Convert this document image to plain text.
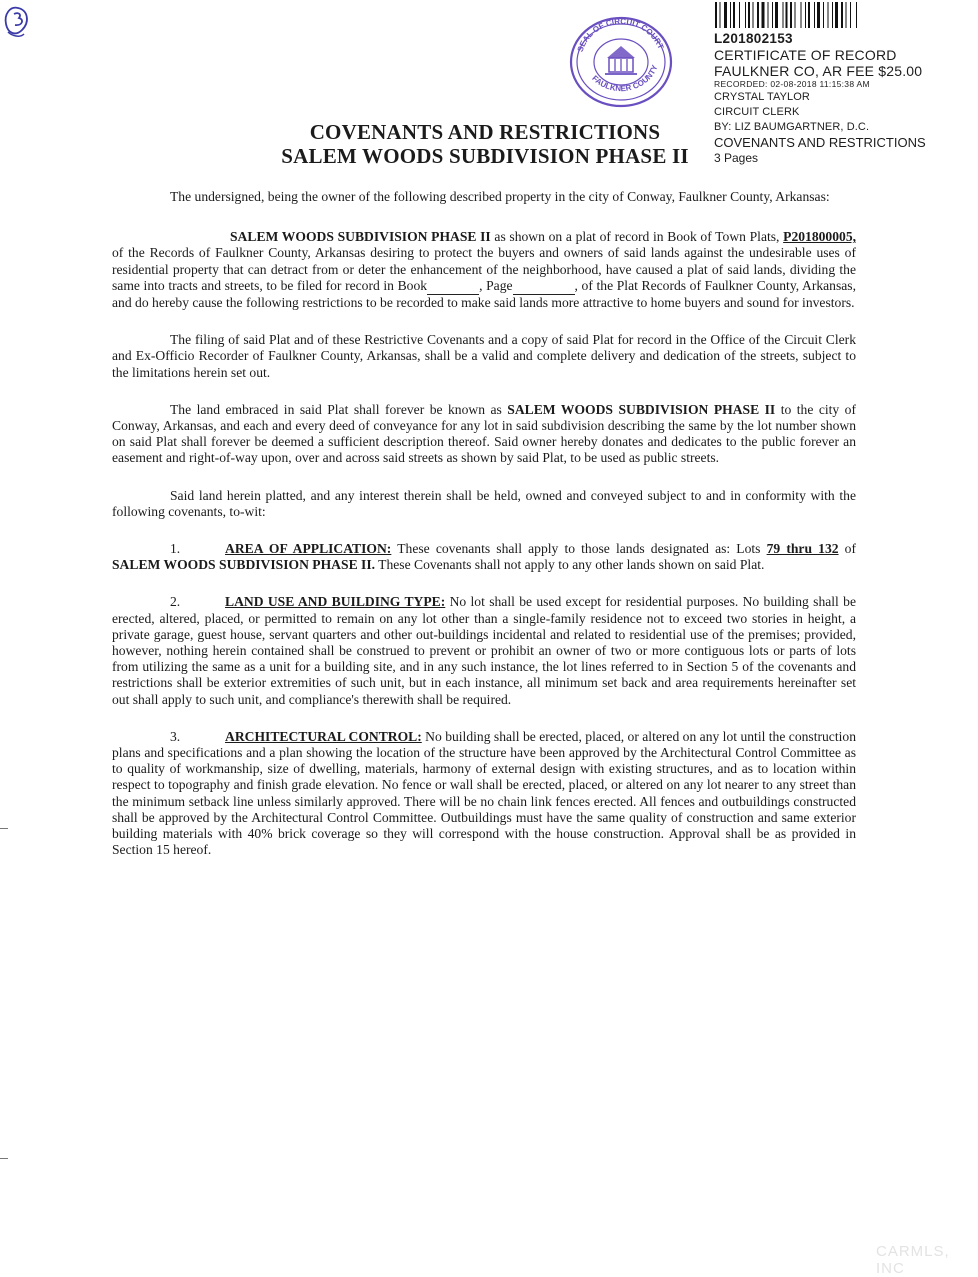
SEAL OF CIRCUIT COURT
FAULKNER COUNTY
L201802153
CERTIFICATE OF RECORD
FAULKNER CO, AR FEE $25.00
RECORDED: 02-08-2018 11:15:38 AM
CRYSTAL TAYLOR
CIRCUIT CLERK
BY: LIZ BAUMGARTNER, D.C.
COVENANTS AND RESTRICTIONS
3 Pages
COVENANTS AND RESTRICTIONS
SALEM WOODS SUBDIVISION PHASE II

The undersigned, being the owner of the following described property in the city of Conway, Faulkner County, Arkansas:

SALEM WOODS SUBDIVISION PHASE II as shown on a plat of record in Book of Town Plats, P201800005, of the Records of Faulkner County, Arkansas desiring to protect the buyers and owners of said lands against the undesirable uses of residential property that can detract from or deter the enhancement of the neighborhood, have caused a plat of said lands, dividing the same into tracts and streets, to be filed for record in Book	, Page	, of the Plat Records of Faulkner County, Arkansas, and do hereby cause the following restrictions to be recorded to make said lands more attractive to home buyers and sound for investors.

The filing of said Plat and of these Restrictive Covenants and a copy of said Plat for record in the Office of the Circuit Clerk and Ex-Officio Recorder of Faulkner County, Arkansas, shall be a valid and complete delivery and dedication of the streets, subject to the limitations herein set out.

The land embraced in said Plat shall forever be known as SALEM WOODS SUBDIVISION PHASE II to the city of Conway, Arkansas, and each and every deed of conveyance for any lot in said subdivision describing the same by the lot number shown on said Plat shall forever be deemed a sufficient description thereof. Said owner hereby donates and dedicates to the public forever an easement and right-of-way upon, over and across said streets as shown by said Plat, to be used as public streets.

Said land herein platted, and any interest therein shall be held, owned and conveyed subject to and in conformity with the following covenants, to-wit:

1.	AREA OF APPLICATION: These covenants shall apply to those lands designated as: Lots 79 thru 132 of SALEM WOODS SUBDIVISION PHASE II. These Covenants shall not apply to any other lands shown on said Plat.

2.	LAND USE AND BUILDING TYPE: No lot shall be used except for residential purposes. No building shall be erected, altered, placed, or permitted to remain on any lot other than a single-family residence not to exceed two stories in height, a private garage, guest house, servant quarters and other out-buildings incidental and related to residential use of the premises; provided, however, nothing herein contained shall be construed to prevent or prohibit an owner of two or more contiguous lots or parts of lots from utilizing the same as a unit for a building site, and in any such instance, the lot lines referred to in Section 5 of the covenants and restrictions shall be exterior extremities of such unit, but in each instance, all minimum set back and area requirements hereinafter set out shall apply to such unit, and compliance's therewith shall be required.

3.	ARCHITECTURAL CONTROL: No building shall be erected, placed, or altered on any lot until the construction plans and specifications and a plan showing the location of the structure have been approved by the Architectural Control Committee as to quality of workmanship, size of dwelling, materials, harmony of external design with existing structures, and as to location within respect to topography and finish grade elevation. No fence or wall shall be erected, placed, or altered on any lot nearer to any street than the minimum setback line unless similarly approved. There will be no chain link fences erected. All fences and outbuildings constructed shall be approved by the Architectural Control Committee. Outbuildings must have the same quality of construction and same exterior building materials with 40% brick coverage so they will correspond with the house construction. Approval shall be as provided in Section 15 hereof.

CARMLS, INC
